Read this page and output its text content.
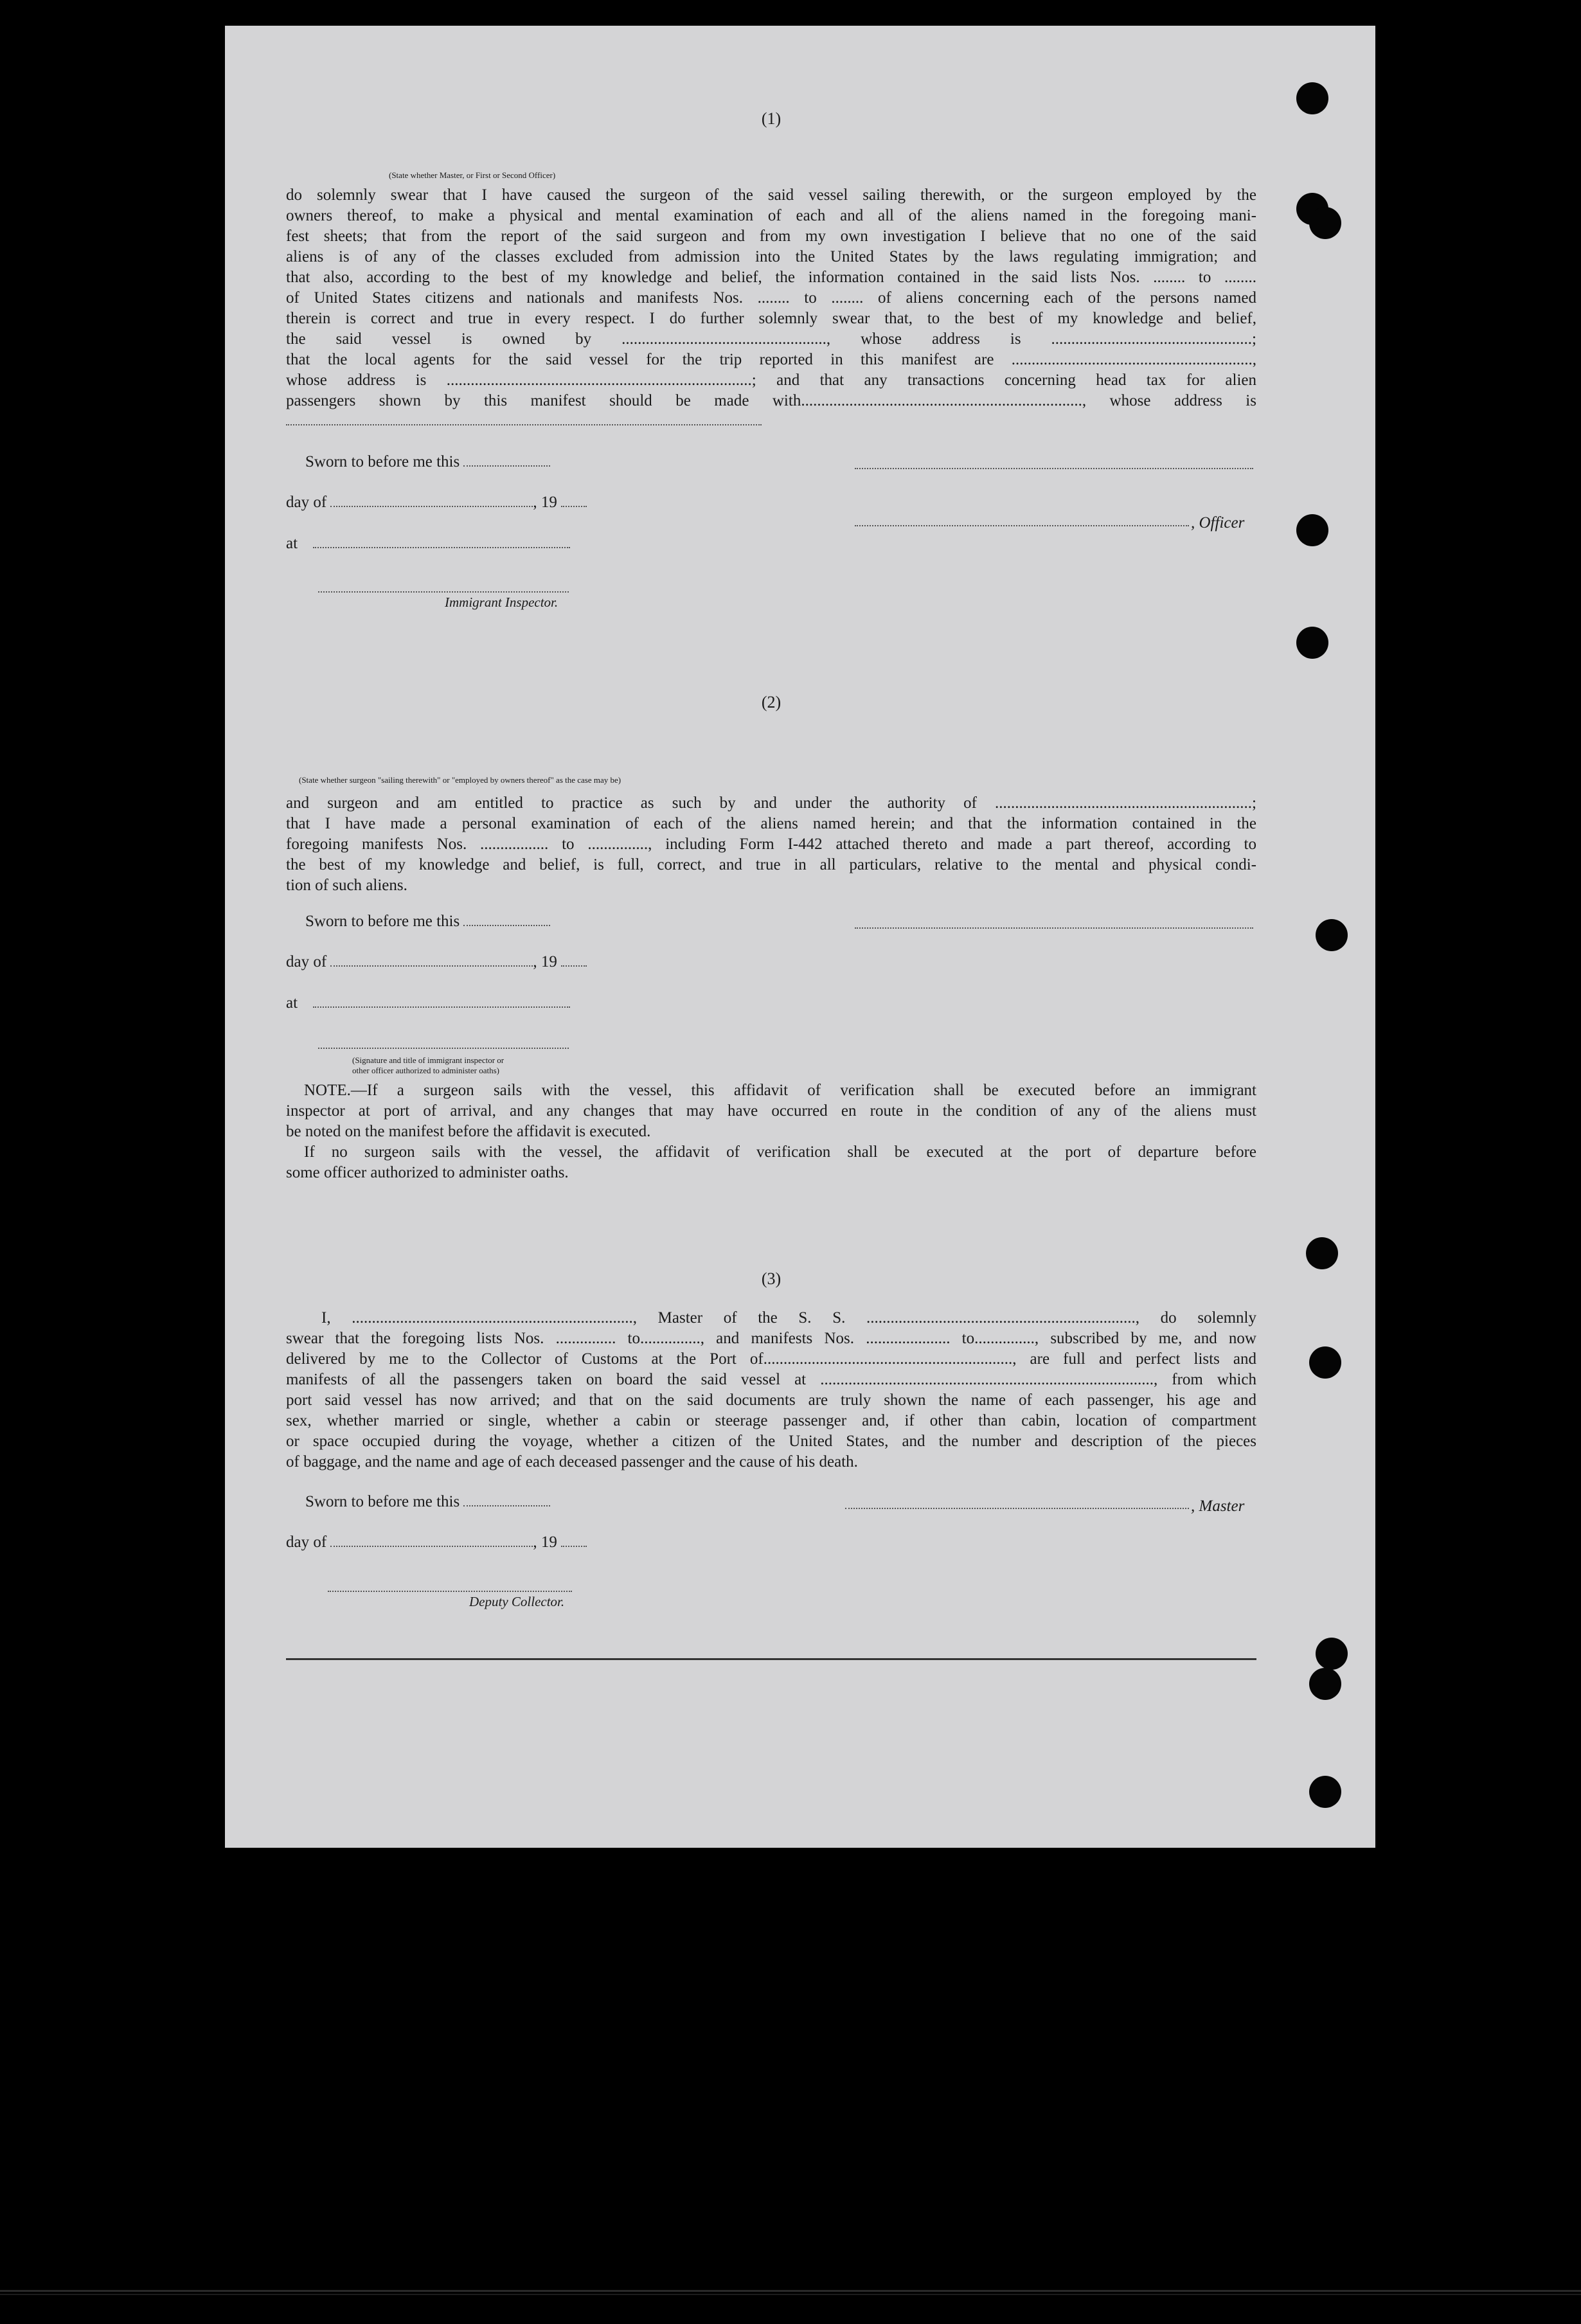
(1)
(State whether Master, or First or Second Officer)
do solemnly swear that I have caused the surgeon of the said vessel sailing therewith, or the surgeon employed by the
owners thereof, to make a physical and mental examination of each and all of the aliens named in the foregoing mani-
fest sheets; that from the report of the said surgeon and from my own investigation I believe that no one of the said
aliens is of any of the classes excluded from admission into the United States by the laws regulating immigration; and
that also, according to the best of my knowledge and belief, the information contained in the said lists Nos. ........ to ........
of United States citizens and nationals and manifests Nos. ........ to ........ of aliens concerning each of the persons named
therein is correct and true in every respect. I do further solemnly swear that, to the best of my knowledge and belief,
the said vessel is owned by ..................................................., whose address is ..................................................;
that the local agents for the said vessel for the trip reported in this manifest are ............................................................,
whose address is ............................................................................; and that any transactions concerning head tax for alien
passengers shown by this manifest should be made with......................................................................, whose address is
Sworn to before me this
day of	, 19
, Officer
at
Immigrant Inspector.
(2)
(State whether surgeon "sailing therewith" or "employed by owners thereof" as the case may be)
and surgeon and am entitled to practice as such by and under the authority of ................................................................;
that I have made a personal examination of each of the aliens named herein; and that the information contained in the
foregoing manifests Nos. ................. to ..............., including Form I-442 attached thereto and made a part thereof, according to
the best of my knowledge and belief, is full, correct, and true in all particulars, relative to the mental and physical condi-
tion of such aliens.
Sworn to before me this
day of	, 19
at
(Signature and title of immigrant inspector or
other officer authorized to administer oaths)
NOTE.—If a surgeon sails with the vessel, this affidavit of verification shall be executed before an immigrant
inspector at port of arrival, and any changes that may have occurred en route in the condition of any of the aliens must
be noted on the manifest before the affidavit is executed.
If no surgeon sails with the vessel, the affidavit of verification shall be executed at the port of departure before
some officer authorized to administer oaths.
(3)
I, ......................................................................, Master of the S. S. ..................................................................., do solemnly
swear that the foregoing lists Nos. ............... to..............., and manifests Nos. ..................... to..............., subscribed by me, and now
delivered by me to the Collector of Customs at the Port of.............................................................., are full and perfect lists and
manifests of all the passengers taken on board the said vessel at ..................................................................................., from which
port said vessel has now arrived; and that on the said documents are truly shown the name of each passenger, his age and
sex, whether married or single, whether a cabin or steerage passenger and, if other than cabin, location of compartment
or space occupied during the voyage, whether a citizen of the United States, and the number and description of the pieces
of baggage, and the name and age of each deceased passenger and the cause of his death.
Sworn to before me this	, Master
day of	, 19
Deputy Collector.
